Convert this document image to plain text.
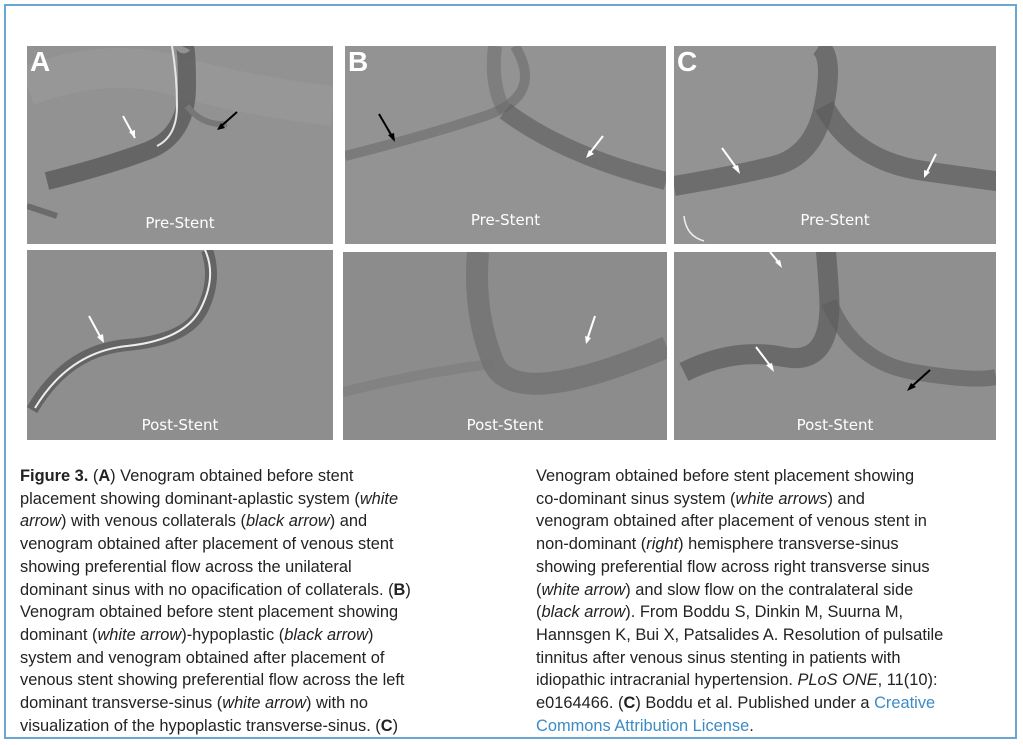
A
Pre-Stent
Post-Stent
B
Pre-Stent
Post-Stent
C
Pre-Stent
Post-Stent
Figure 3. (A) Venogram obtained before stent
placement showing dominant-aplastic system (white
arrow) with venous collaterals (black arrow) and
venogram obtained after placement of venous stent
showing preferential flow across the unilateral
dominant sinus with no opacification of collaterals. (B)
Venogram obtained before stent placement showing
dominant (white arrow)-hypoplastic (black arrow)
system and venogram obtained after placement of
venous stent showing preferential flow across the left
dominant transverse-sinus (white arrow) with no
visualization of the hypoplastic transverse-sinus. (C)
Venogram obtained before stent placement showing
co-dominant sinus system (white arrows) and
venogram obtained after placement of venous stent in
non-dominant (right) hemisphere transverse-sinus
showing preferential flow across right transverse sinus
(white arrow) and slow flow on the contralateral side
(black arrow). From Boddu S, Dinkin M, Suurna M,
Hannsgen K, Bui X, Patsalides A. Resolution of pulsatile
tinnitus after venous sinus stenting in patients with
idiopathic intracranial hypertension. PLoS ONE, 11(10):
e0164466. (C) Boddu et al. Published under a Creative
Commons Attribution License.
